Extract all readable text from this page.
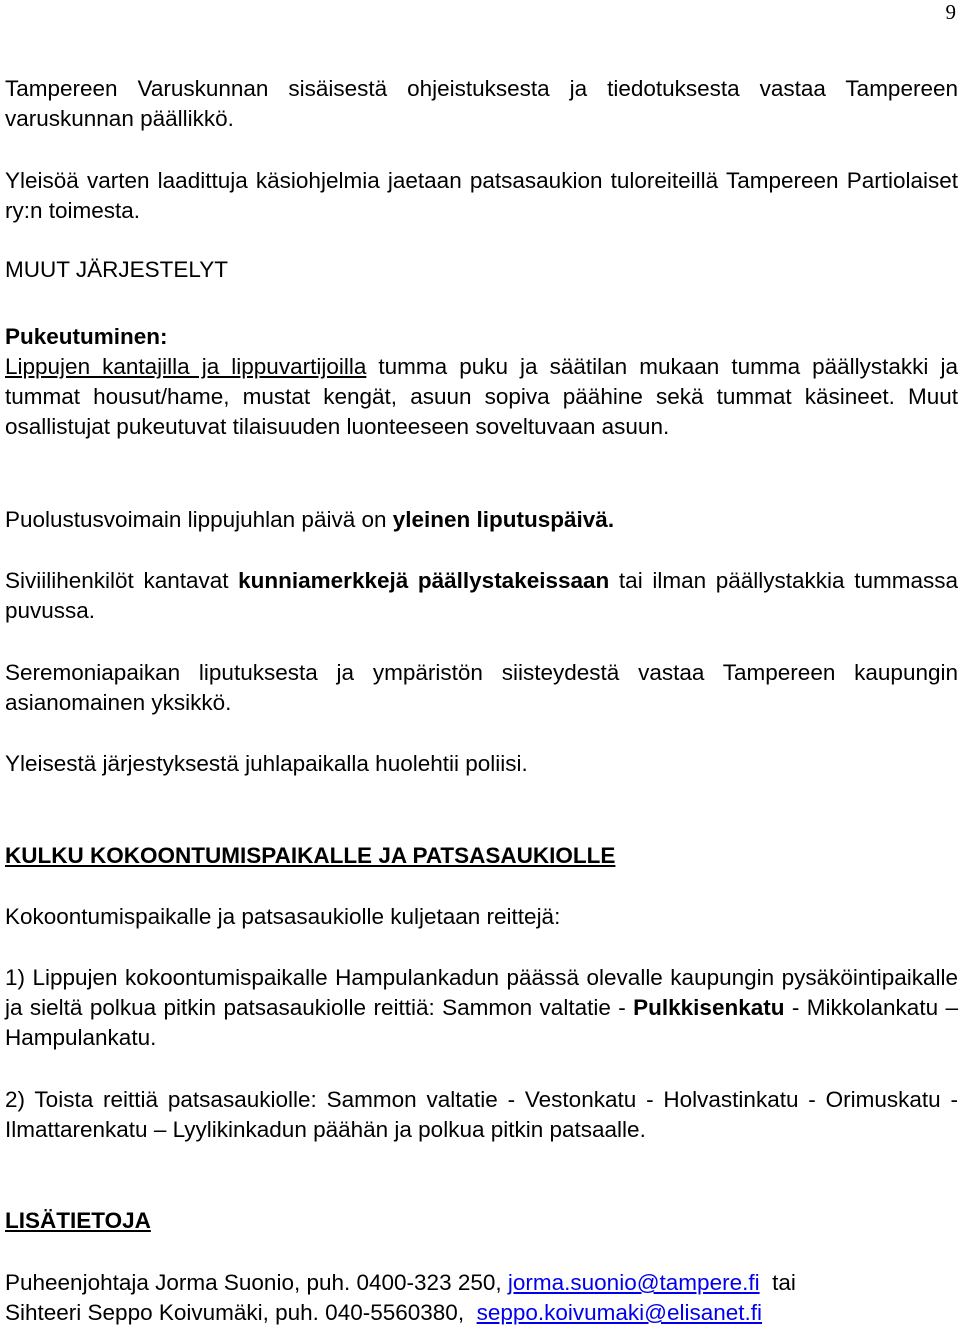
9

Tampereen Varuskunnan sisäisestä ohjeistuksesta ja tiedotuksesta vastaa Tampereen varuskunnan päällikkö.

Yleisöä varten laadittuja käsiohjelmia jaetaan patsasaukion tuloreiteillä Tampereen Partiolaiset ry:n toimesta.

MUUT JÄRJESTELYT

Pukeutuminen:

Lippujen kantajilla ja lippuvartijoilla tumma puku ja säätilan mukaan tumma päällystakki ja tummat housut/hame, mustat kengät, asuun sopiva päähine sekä tummat käsineet. Muut osallistujat pukeutuvat tilaisuuden luonteeseen soveltuvaan asuun.

Puolustusvoimain lippujuhlan päivä on yleinen liputuspäivä.

Siviilihenkilöt kantavat kunniamerkkejä päällystakeissaan tai ilman päällystakkia tummassa puvussa.

Seremoniapaikan liputuksesta ja ympäristön siisteydestä vastaa Tampereen kaupungin asianomainen yksikkö.

Yleisestä järjestyksestä juhlapaikalla huolehtii poliisi.

KULKU KOKOONTUMISPAIKALLE JA PATSASAUKIOLLE

Kokoontumispaikalle ja patsasaukiolle kuljetaan reittejä:

1) Lippujen kokoontumispaikalle Hampulankadun päässä olevalle kaupungin pysäköintipaikalle ja sieltä polkua pitkin patsasaukiolle reittiä: Sammon valtatie - Pulkkisenkatu - Mikkolankatu – Hampulankatu.

2) Toista reittiä patsasaukiolle: Sammon valtatie - Vestonkatu - Holvastinkatu - Orimuskatu - Ilmattarenkatu – Lyylikinkadun päähän ja polkua pitkin patsaalle.

LISÄTIETOJA

Puheenjohtaja Jorma Suonio, puh. 0400-323 250, jorma.suonio@tampere.fi  tai

Sihteeri Seppo Koivumäki, puh. 040-5560380,  seppo.koivumaki@elisanet.fi
